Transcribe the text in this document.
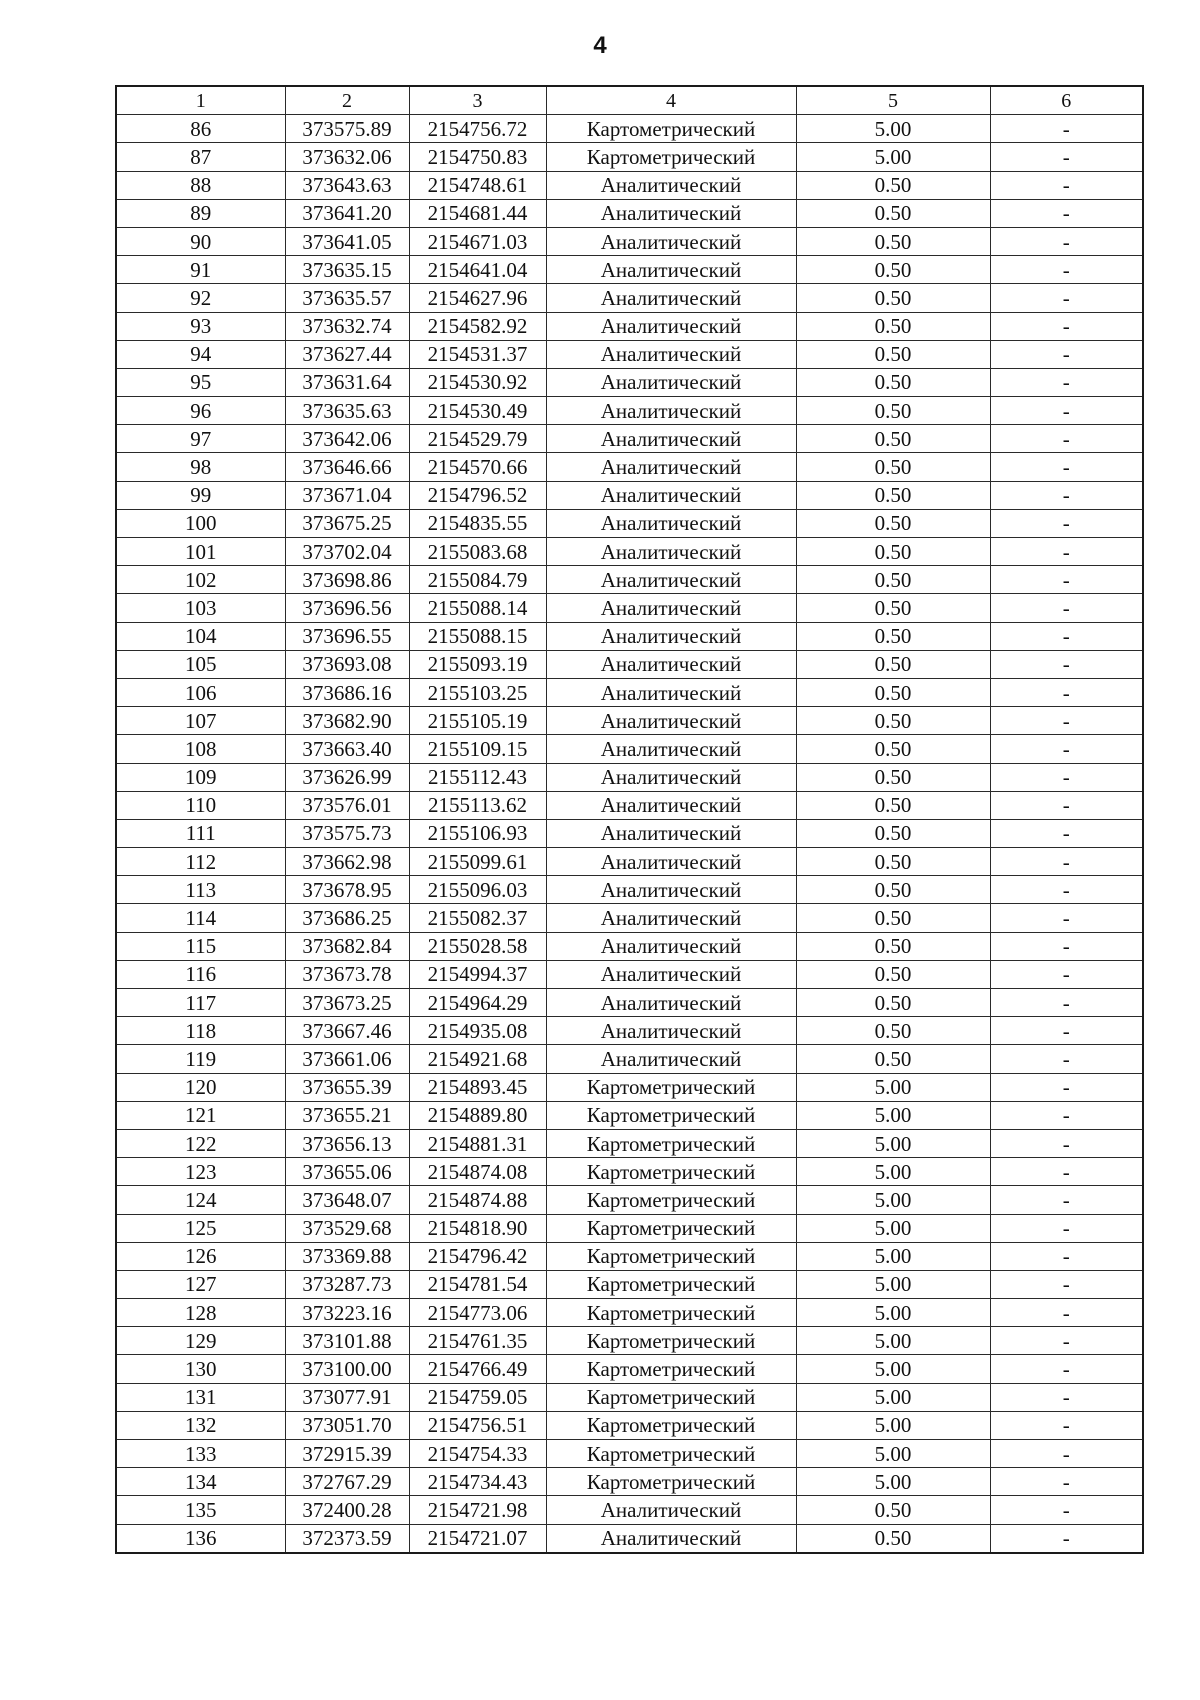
4
1	2	3	4	5	6
86	373575.89	2154756.72	Картометрический	5.00	-
87	373632.06	2154750.83	Картометрический	5.00	-
88	373643.63	2154748.61	Аналитический	0.50	-
89	373641.20	2154681.44	Аналитический	0.50	-
90	373641.05	2154671.03	Аналитический	0.50	-
91	373635.15	2154641.04	Аналитический	0.50	-
92	373635.57	2154627.96	Аналитический	0.50	-
93	373632.74	2154582.92	Аналитический	0.50	-
94	373627.44	2154531.37	Аналитический	0.50	-
95	373631.64	2154530.92	Аналитический	0.50	-
96	373635.63	2154530.49	Аналитический	0.50	-
97	373642.06	2154529.79	Аналитический	0.50	-
98	373646.66	2154570.66	Аналитический	0.50	-
99	373671.04	2154796.52	Аналитический	0.50	-
100	373675.25	2154835.55	Аналитический	0.50	-
101	373702.04	2155083.68	Аналитический	0.50	-
102	373698.86	2155084.79	Аналитический	0.50	-
103	373696.56	2155088.14	Аналитический	0.50	-
104	373696.55	2155088.15	Аналитический	0.50	-
105	373693.08	2155093.19	Аналитический	0.50	-
106	373686.16	2155103.25	Аналитический	0.50	-
107	373682.90	2155105.19	Аналитический	0.50	-
108	373663.40	2155109.15	Аналитический	0.50	-
109	373626.99	2155112.43	Аналитический	0.50	-
110	373576.01	2155113.62	Аналитический	0.50	-
111	373575.73	2155106.93	Аналитический	0.50	-
112	373662.98	2155099.61	Аналитический	0.50	-
113	373678.95	2155096.03	Аналитический	0.50	-
114	373686.25	2155082.37	Аналитический	0.50	-
115	373682.84	2155028.58	Аналитический	0.50	-
116	373673.78	2154994.37	Аналитический	0.50	-
117	373673.25	2154964.29	Аналитический	0.50	-
118	373667.46	2154935.08	Аналитический	0.50	-
119	373661.06	2154921.68	Аналитический	0.50	-
120	373655.39	2154893.45	Картометрический	5.00	-
121	373655.21	2154889.80	Картометрический	5.00	-
122	373656.13	2154881.31	Картометрический	5.00	-
123	373655.06	2154874.08	Картометрический	5.00	-
124	373648.07	2154874.88	Картометрический	5.00	-
125	373529.68	2154818.90	Картометрический	5.00	-
126	373369.88	2154796.42	Картометрический	5.00	-
127	373287.73	2154781.54	Картометрический	5.00	-
128	373223.16	2154773.06	Картометрический	5.00	-
129	373101.88	2154761.35	Картометрический	5.00	-
130	373100.00	2154766.49	Картометрический	5.00	-
131	373077.91	2154759.05	Картометрический	5.00	-
132	373051.70	2154756.51	Картометрический	5.00	-
133	372915.39	2154754.33	Картометрический	5.00	-
134	372767.29	2154734.43	Картометрический	5.00	-
135	372400.28	2154721.98	Аналитический	0.50	-
136	372373.59	2154721.07	Аналитический	0.50	-
